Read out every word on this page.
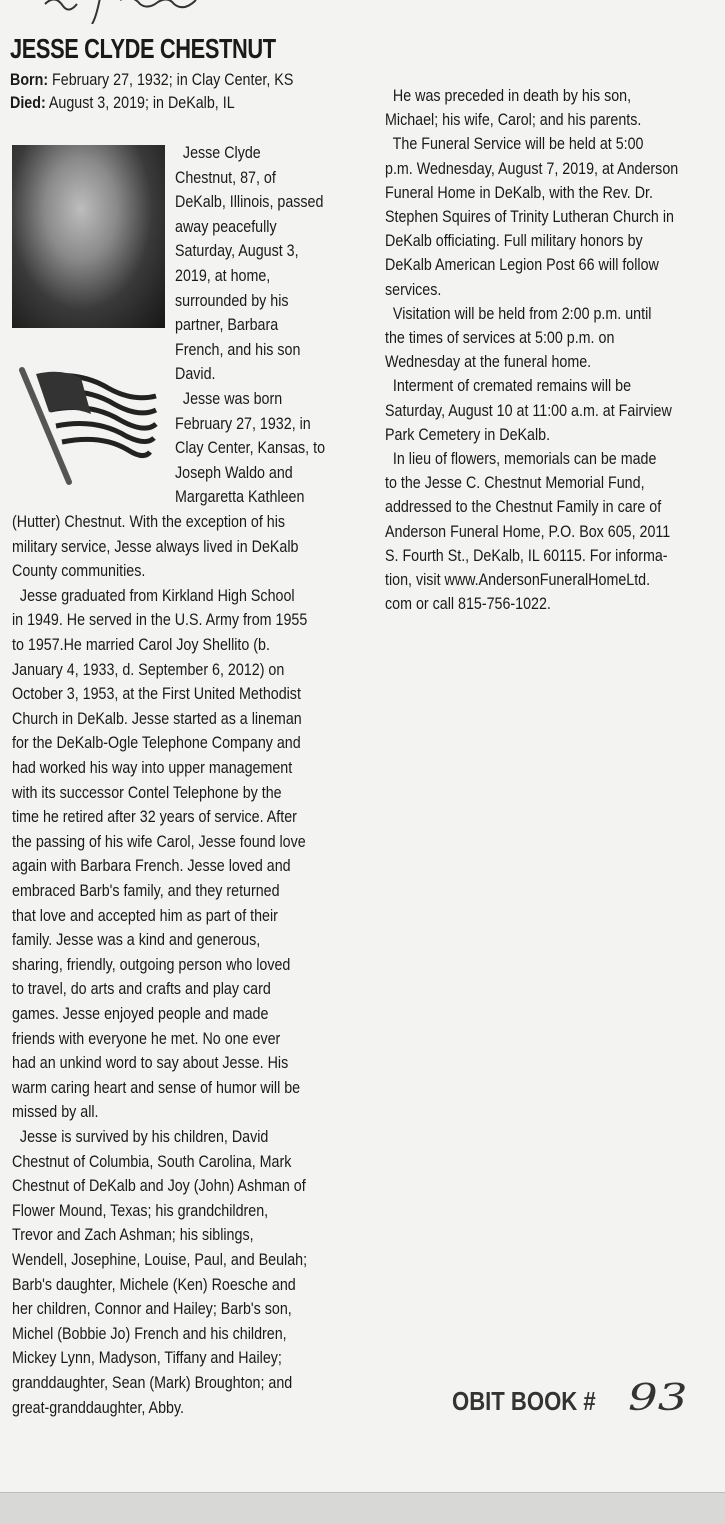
JESSE CLYDE CHESTNUT
Born: February 27, 1932; in Clay Center, KS
Died: August 3, 2019; in DeKalb, IL
Jesse Clyde
Chestnut, 87, of
DeKalb, Illinois, passed
away peacefully
Saturday, August 3,
2019, at home,
surrounded by his
partner, Barbara
French, and his son
David.
Jesse was born
February 27, 1932, in
Clay Center, Kansas, to
Joseph Waldo and
Margaretta Kathleen
(Hutter) Chestnut. With the exception of his
military service, Jesse always lived in DeKalb
County communities.
Jesse graduated from Kirkland High School
in 1949. He served in the U.S. Army from 1955
to 1957.He married Carol Joy Shellito (b.
January 4, 1933, d. September 6, 2012) on
October 3, 1953, at the First United Methodist
Church in DeKalb. Jesse started as a lineman
for the DeKalb-Ogle Telephone Company and
had worked his way into upper management
with its successor Contel Telephone by the
time he retired after 32 years of service. After
the passing of his wife Carol, Jesse found love
again with Barbara French. Jesse loved and
embraced Barb's family, and they returned
that love and accepted him as part of their
family. Jesse was a kind and generous,
sharing, friendly, outgoing person who loved
to travel, do arts and crafts and play card
games. Jesse enjoyed people and made
friends with everyone he met. No one ever
had an unkind word to say about Jesse. His
warm caring heart and sense of humor will be
missed by all.
Jesse is survived by his children, David
Chestnut of Columbia, South Carolina, Mark
Chestnut of DeKalb and Joy (John) Ashman of
Flower Mound, Texas; his grandchildren,
Trevor and Zach Ashman; his siblings,
Wendell, Josephine, Louise, Paul, and Beulah;
Barb's daughter, Michele (Ken) Roesche and
her children, Connor and Hailey; Barb's son,
Michel (Bobbie Jo) French and his children,
Mickey Lynn, Madyson, Tiffany and Hailey;
granddaughter, Sean (Mark) Broughton; and
great-granddaughter, Abby.
He was preceded in death by his son,
Michael; his wife, Carol; and his parents.
The Funeral Service will be held at 5:00
p.m. Wednesday, August 7, 2019, at Anderson
Funeral Home in DeKalb, with the Rev. Dr.
Stephen Squires of Trinity Lutheran Church in
DeKalb officiating. Full military honors by
DeKalb American Legion Post 66 will follow
services.
Visitation will be held from 2:00 p.m. until
the times of services at 5:00 p.m. on
Wednesday at the funeral home.
Interment of cremated remains will be
Saturday, August 10 at 11:00 a.m. at Fairview
Park Cemetery in DeKalb.
In lieu of flowers, memorials can be made
to the Jesse C. Chestnut Memorial Fund,
addressed to the Chestnut Family in care of
Anderson Funeral Home, P.O. Box 605, 2011
S. Fourth St., DeKalb, IL 60115. For informa-
tion, visit www.AndersonFuneralHomeLtd.
com or call 815-756-1022.
OBIT BOOK # 93
